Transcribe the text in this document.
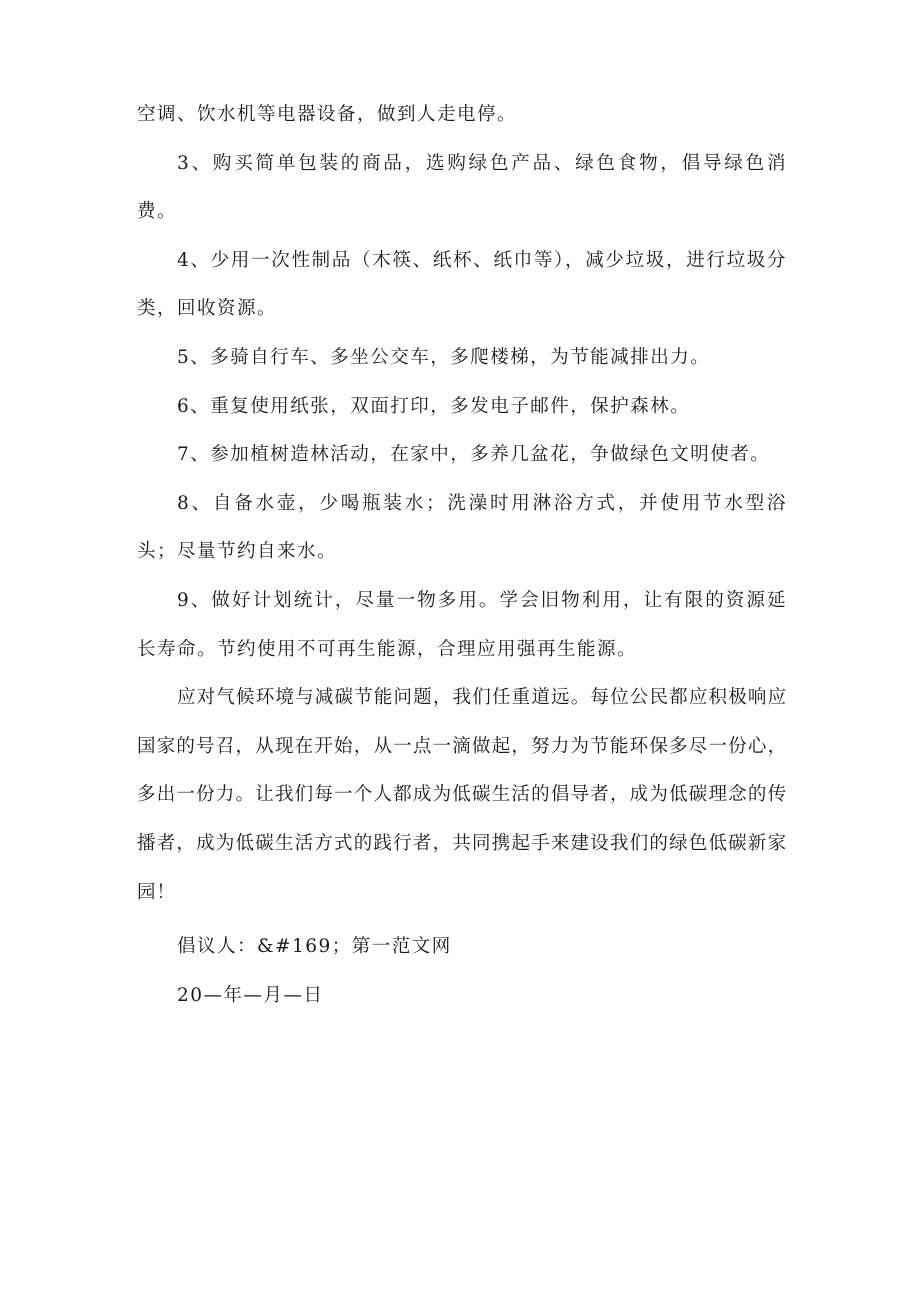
空调、饮水机等电器设备，做到人走电停。

3、购买简单包装的商品，选购绿色产品、绿色食物，倡导绿色消费。

4、少用一次性制品（木筷、纸杯、纸巾等），减少垃圾，进行垃圾分类，回收资源。

5、多骑自行车、多坐公交车，多爬楼梯，为节能减排出力。

6、重复使用纸张，双面打印，多发电子邮件，保护森林。

7、参加植树造林活动，在家中，多养几盆花，争做绿色文明使者。

8、自备水壶，少喝瓶装水；洗澡时用淋浴方式，并使用节水型浴头；尽量节约自来水。

9、做好计划统计，尽量一物多用。学会旧物利用，让有限的资源延长寿命。节约使用不可再生能源，合理应用强再生能源。

应对气候环境与减碳节能问题，我们任重道远。每位公民都应积极响应国家的号召，从现在开始，从一点一滴做起，努力为节能环保多尽一份心，多出一份力。让我们每一个人都成为低碳生活的倡导者，成为低碳理念的传播者，成为低碳生活方式的践行者，共同携起手来建设我们的绿色低碳新家园！

倡议人：&#169；第一范文网

20—年—月—日
